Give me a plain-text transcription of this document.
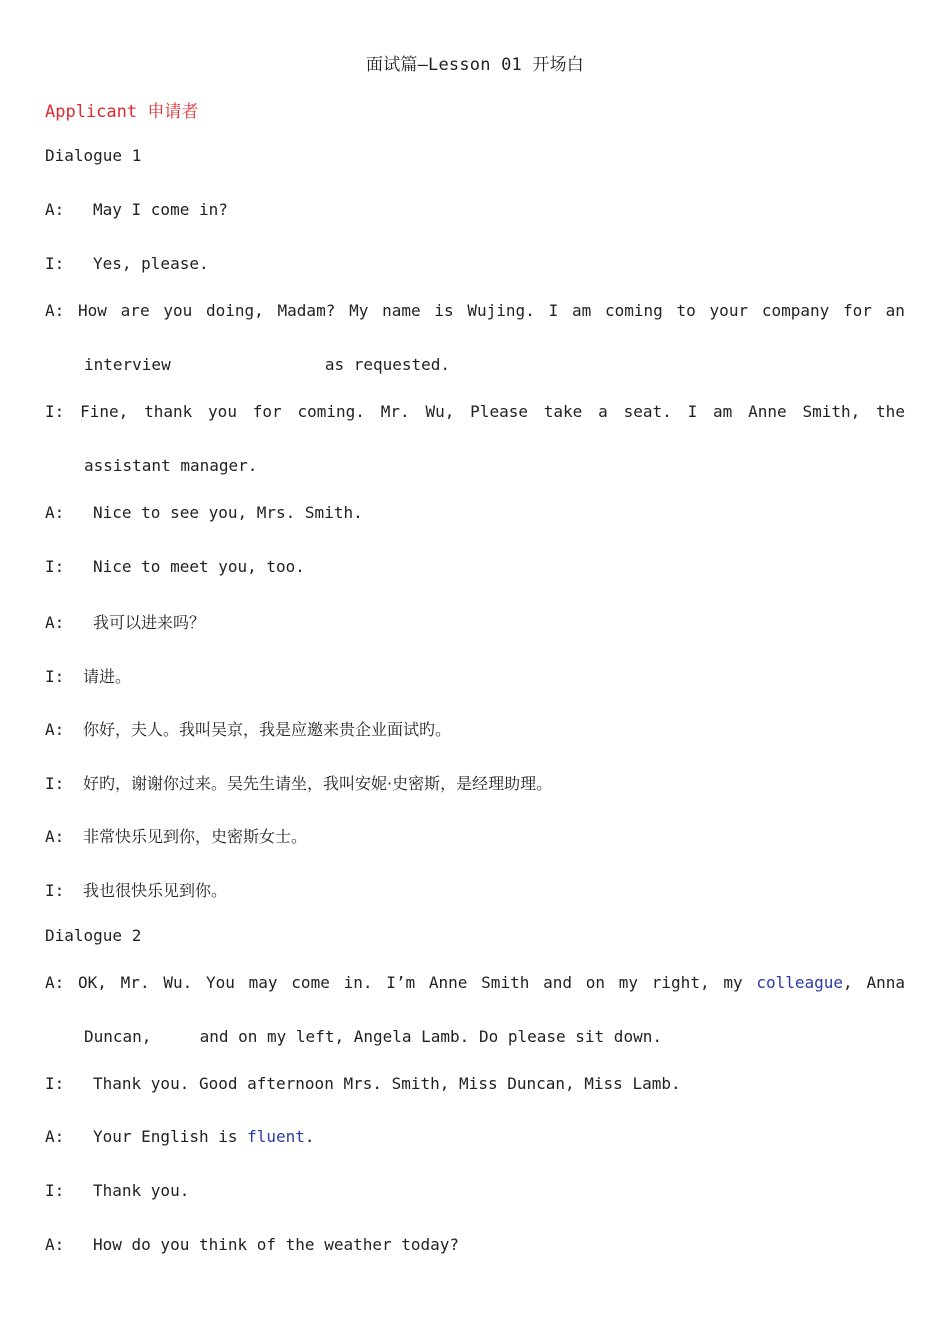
面试篇—Lesson 01 开场白
Applicant 申请者
Dialogue 1
A: May I come in?
I: Yes, please.
A: How are you doing, Madam? My name is Wujing. I am coming to your company for an
interview                as requested.
I: Fine, thank you for coming. Mr. Wu, Please take a seat. I am Anne Smith, the
assistant manager.
A: Nice to see you, Mrs. Smith.
I: Nice to meet you, too.
A: 我可以进来吗？
I: 请进。
A: 你好，夫人。我叫吴京，我是应邀来贵企业面试旳。
I: 好旳，谢谢你过来。吴先生请坐，我叫安妮·史密斯，是经理助理。
A: 非常快乐见到你，史密斯女士。
I: 我也很快乐见到你。
Dialogue 2
A: OK, Mr. Wu. You may come in. I’m Anne Smith and on my right, my colleague, Anna
Duncan,     and on my left, Angela Lamb. Do please sit down.
I: Thank you. Good afternoon Mrs. Smith, Miss Duncan, Miss Lamb.
A: Your English is fluent.
I: Thank you.
A: How do you think of the weather today?
